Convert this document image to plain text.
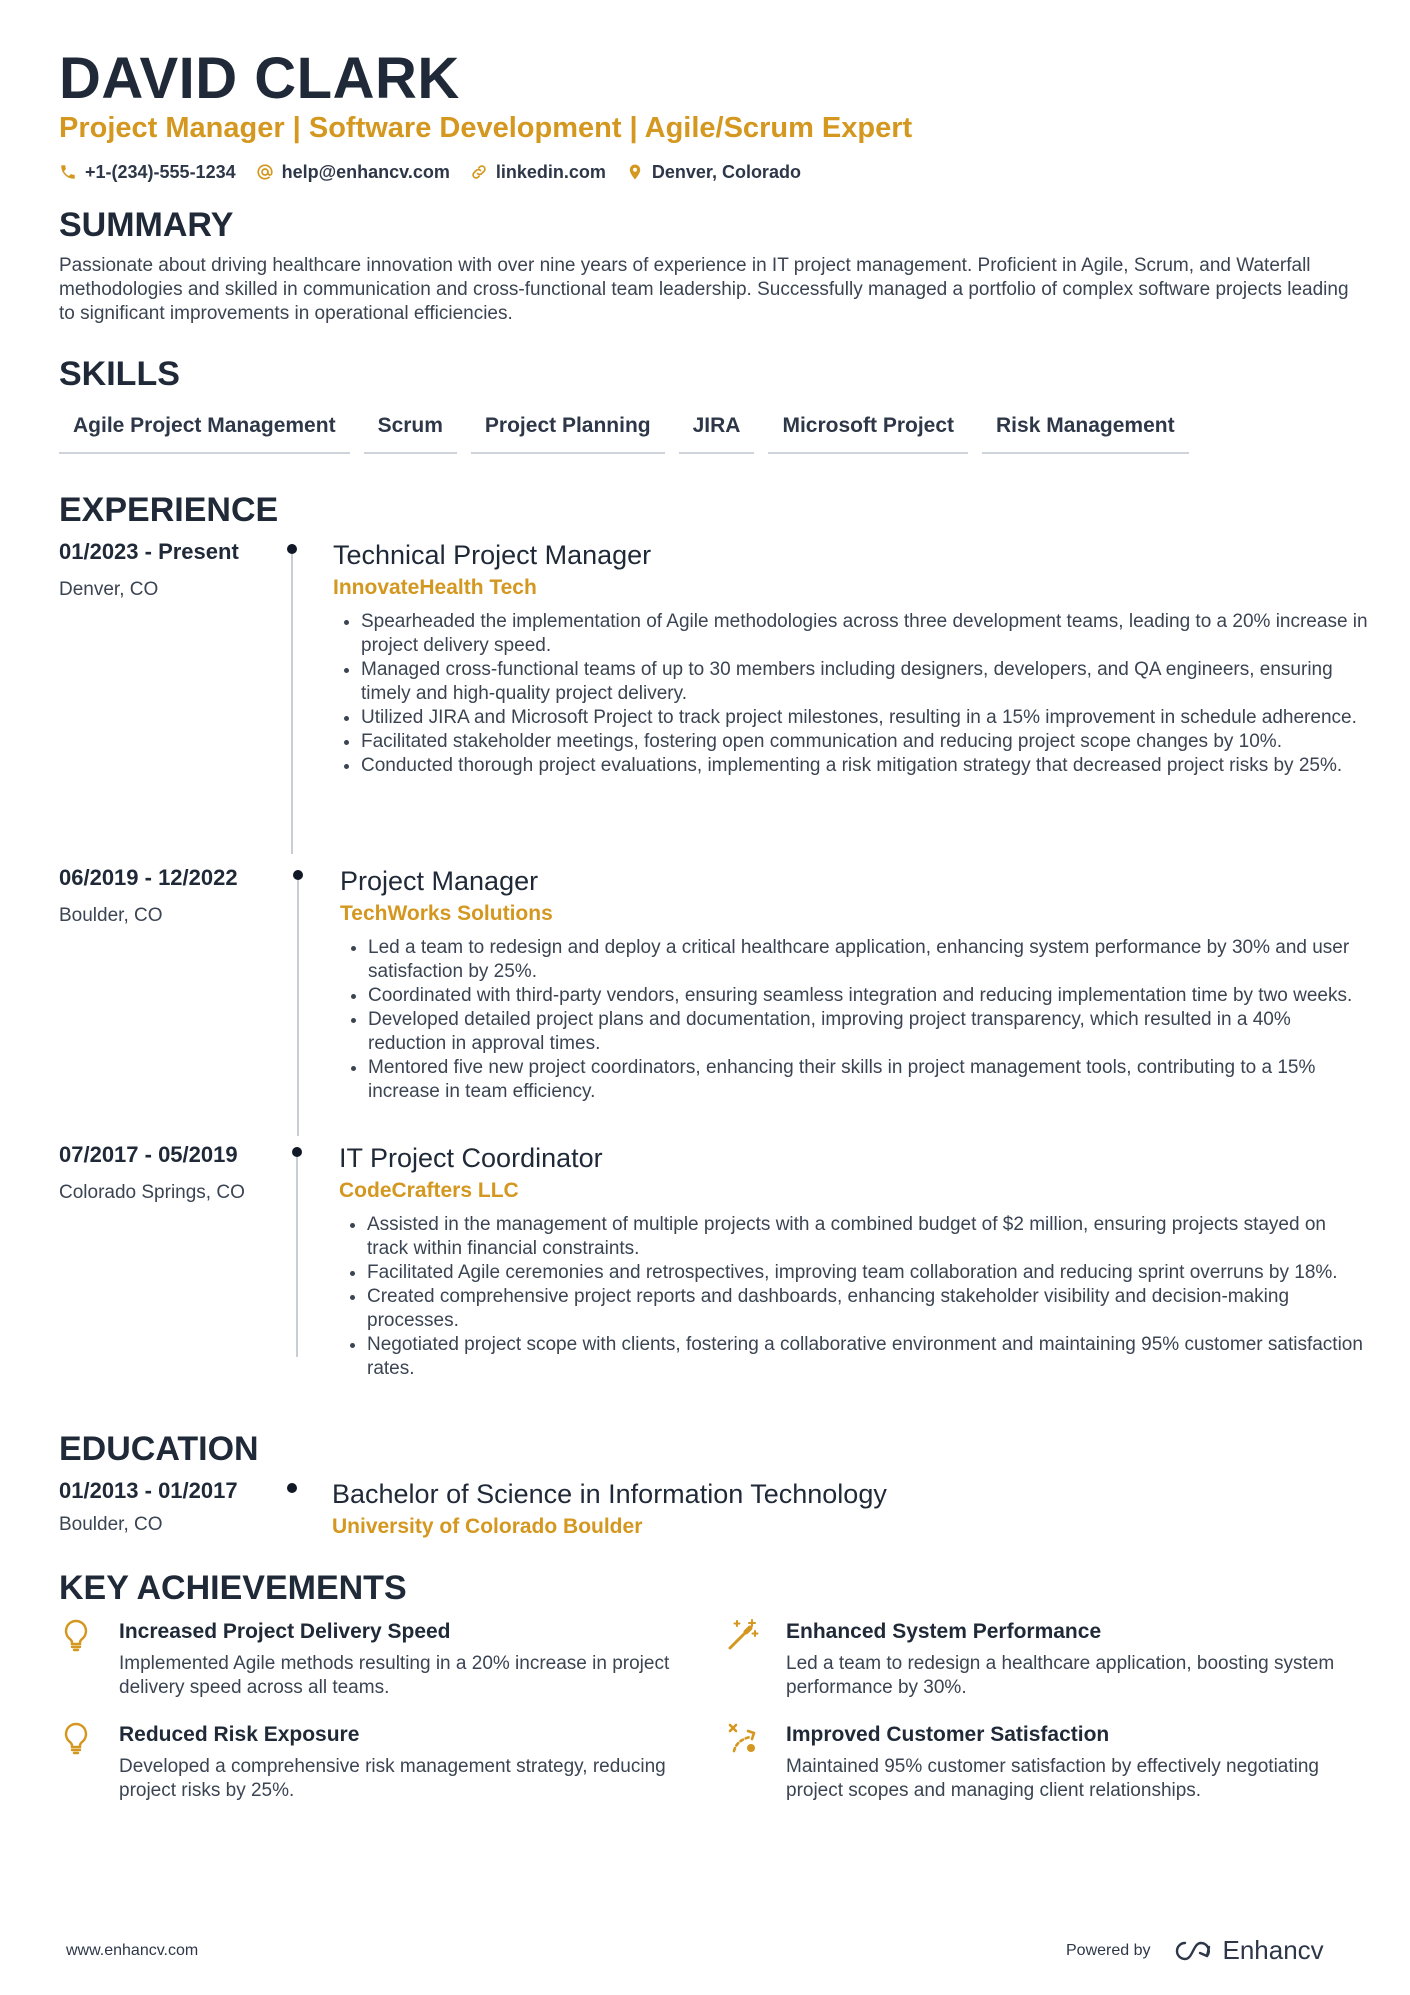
DAVID CLARK
Project Manager | Software Development | Agile/Scrum Expert
+1-(234)-555-1234	help@enhancv.com	linkedin.com	Denver, Colorado
SUMMARY
Passionate about driving healthcare innovation with over nine years of experience in IT project management. Proficient in Agile, Scrum, and Waterfall methodologies and skilled in communication and cross-functional team leadership. Successfully managed a portfolio of complex software projects leading to significant improvements in operational efficiencies.
SKILLS
Agile Project Management	Scrum	Project Planning	JIRA	Microsoft Project	Risk Management
EXPERIENCE
01/2023 - Present
Denver, CO
Technical Project Manager
InnovateHealth Tech
• Spearheaded the implementation of Agile methodologies across three development teams, leading to a 20% increase in project delivery speed.
• Managed cross-functional teams of up to 30 members including designers, developers, and QA engineers, ensuring timely and high-quality project delivery.
• Utilized JIRA and Microsoft Project to track project milestones, resulting in a 15% improvement in schedule adherence.
• Facilitated stakeholder meetings, fostering open communication and reducing project scope changes by 10%.
• Conducted thorough project evaluations, implementing a risk mitigation strategy that decreased project risks by 25%.
06/2019 - 12/2022
Boulder, CO
Project Manager
TechWorks Solutions
• Led a team to redesign and deploy a critical healthcare application, enhancing system performance by 30% and user satisfaction by 25%.
• Coordinated with third-party vendors, ensuring seamless integration and reducing implementation time by two weeks.
• Developed detailed project plans and documentation, improving project transparency, which resulted in a 40% reduction in approval times.
• Mentored five new project coordinators, enhancing their skills in project management tools, contributing to a 15% increase in team efficiency.
07/2017 - 05/2019
Colorado Springs, CO
IT Project Coordinator
CodeCrafters LLC
• Assisted in the management of multiple projects with a combined budget of $2 million, ensuring projects stayed on track within financial constraints.
• Facilitated Agile ceremonies and retrospectives, improving team collaboration and reducing sprint overruns by 18%.
• Created comprehensive project reports and dashboards, enhancing stakeholder visibility and decision-making processes.
• Negotiated project scope with clients, fostering a collaborative environment and maintaining 95% customer satisfaction rates.
EDUCATION
01/2013 - 01/2017
Boulder, CO
Bachelor of Science in Information Technology
University of Colorado Boulder
KEY ACHIEVEMENTS
Increased Project Delivery Speed
Implemented Agile methods resulting in a 20% increase in project delivery speed across all teams.
Enhanced System Performance
Led a team to redesign a healthcare application, boosting system performance by 30%.
Reduced Risk Exposure
Developed a comprehensive risk management strategy, reducing project risks by 25%.
Improved Customer Satisfaction
Maintained 95% customer satisfaction by effectively negotiating project scopes and managing client relationships.
www.enhancv.com	Powered by	Enhancv
